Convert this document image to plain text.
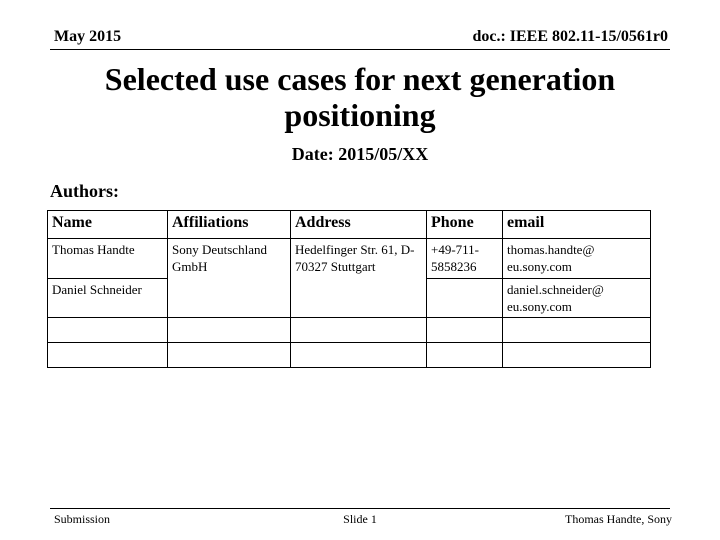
May 2015	doc.: IEEE 802.11-15/0561r0
Selected use cases for next generation positioning
Date: 2015/05/XX
Authors:
Name	Affiliations	Address	Phone	email
Thomas Handte	Sony Deutschland GmbH	Hedelfinger Str. 61, D-70327 Stuttgart	+49-711-5858236	thomas.handte@ eu.sony.com
Daniel Schneider				daniel.schneider@ eu.sony.com

Submission	Slide 1	Thomas Handte, Sony
